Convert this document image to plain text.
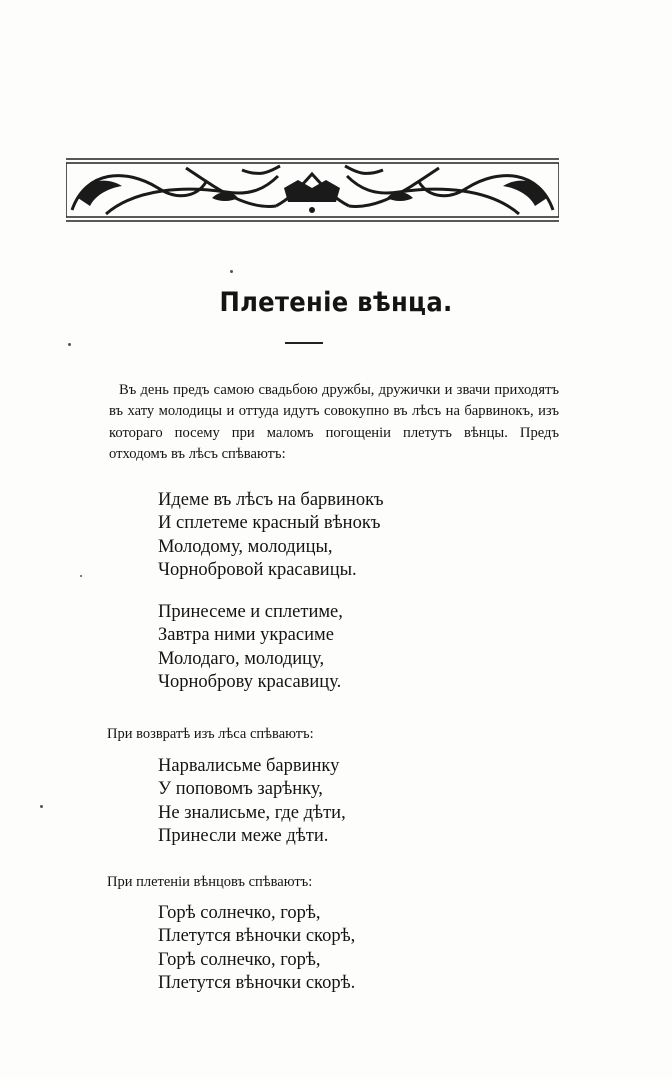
Плетеніе вѣнца.

Въ день предъ самою свадьбою дружбы, дружички и звачи приходятъ въ хату молодицы и оттуда идутъ совокупно въ лѣсъ на барвинокъ, изъ котораго посему при маломъ погощеніи плетутъ вѣнцы. Предъ отходомъ въ лѣсъ спѣваютъ:

Идеме въ лѣсъ на барвинокъ
И сплетеме красный вѣнокъ
Молодому, молодицы,
Чорнобровой красавицы.
Принесеме и сплетиме,
Завтра ними украсиме
Молодаго, молодицу,
Чорноброву красавицу.
При возвратѣ изъ лѣса спѣваютъ:
Нарвалисьме барвинку
У поповомъ зарѣнку,
Не зналисьме, где дѣти,
Принесли меже дѣти.
При плетеніи вѣнцовъ спѣваютъ:
Горѣ солнечко, горѣ,
Плетутся вѣночки скорѣ,
Горѣ солнечко, горѣ,
Плетутся вѣночки скорѣ.
